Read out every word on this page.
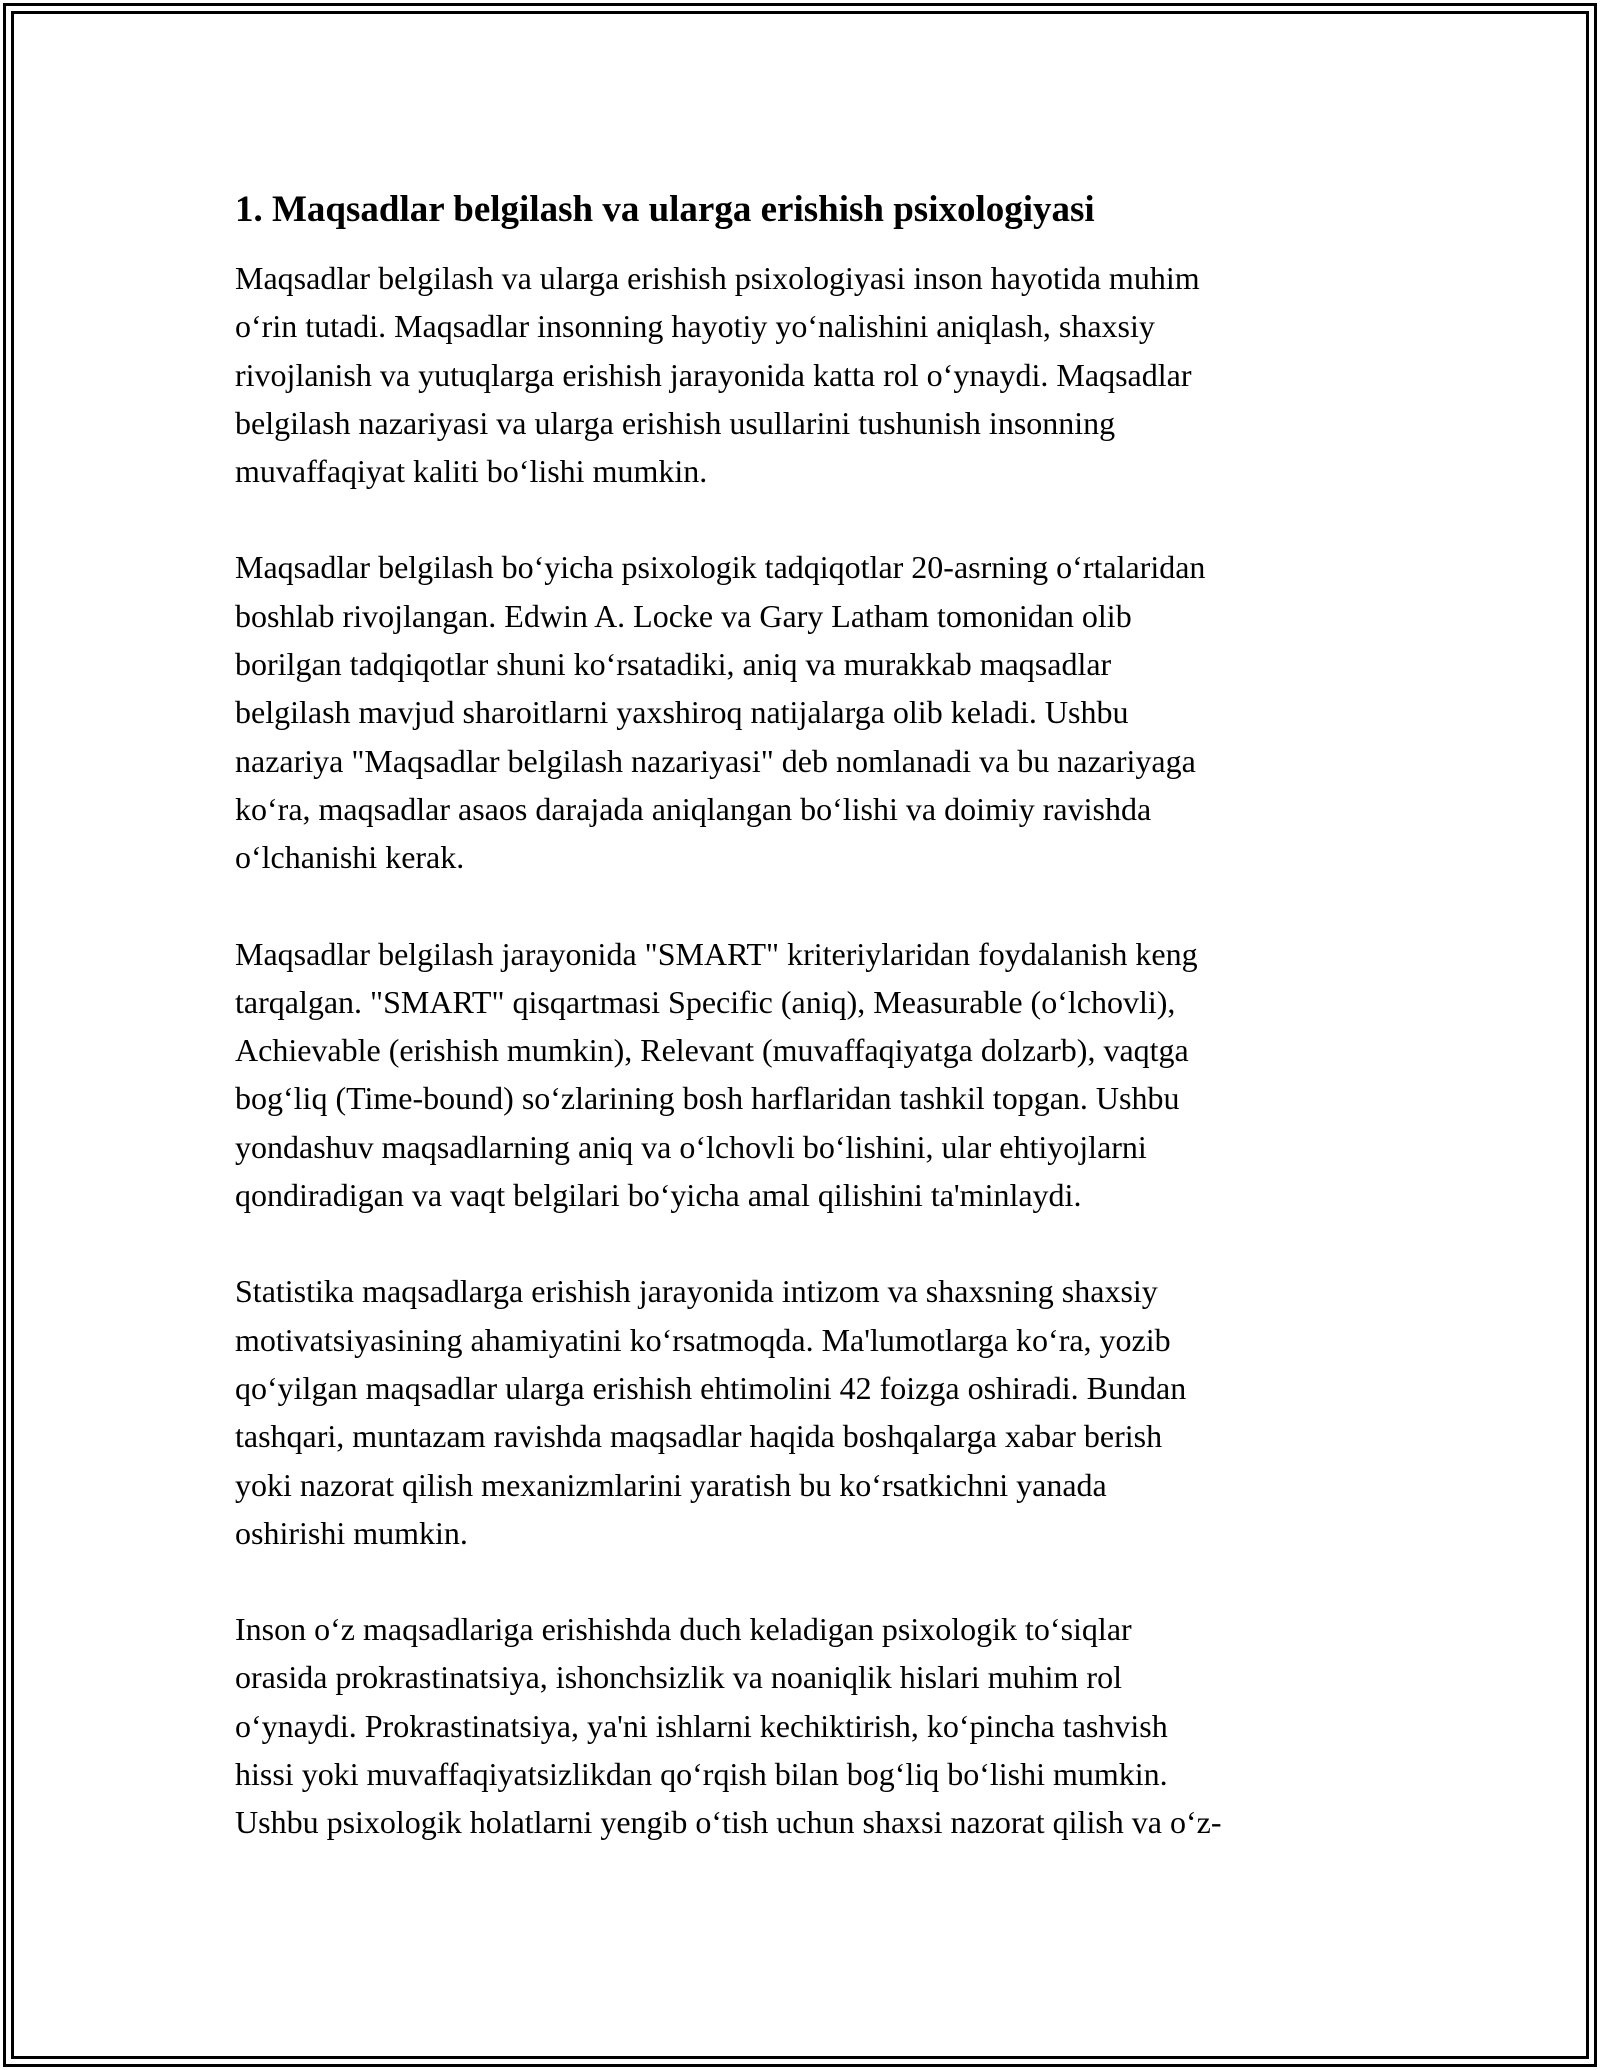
1. Maqsadlar belgilash va ularga erishish psixologiyasi
Maqsadlar belgilash va ularga erishish psixologiyasi inson hayotida muhim
o‘rin tutadi. Maqsadlar insonning hayotiy yo‘nalishini aniqlash, shaxsiy
rivojlanish va yutuqlarga erishish jarayonida katta rol o‘ynaydi. Maqsadlar
belgilash nazariyasi va ularga erishish usullarini tushunish insonning
muvaffaqiyat kaliti bo‘lishi mumkin.
Maqsadlar belgilash bo‘yicha psixologik tadqiqotlar 20-asrning o‘rtalaridan
boshlab rivojlangan. Edwin A. Locke va Gary Latham tomonidan olib
borilgan tadqiqotlar shuni ko‘rsatadiki, aniq va murakkab maqsadlar
belgilash mavjud sharoitlarni yaxshiroq natijalarga olib keladi. Ushbu
nazariya "Maqsadlar belgilash nazariyasi" deb nomlanadi va bu nazariyaga
ko‘ra, maqsadlar asaos darajada aniqlangan bo‘lishi va doimiy ravishda
o‘lchanishi kerak.
Maqsadlar belgilash jarayonida "SMART" kriteriylaridan foydalanish keng
tarqalgan. "SMART" qisqartmasi Specific (aniq), Measurable (o‘lchovli),
Achievable (erishish mumkin), Relevant (muvaffaqiyatga dolzarb), vaqtga
bog‘liq (Time-bound) so‘zlarining bosh harflaridan tashkil topgan. Ushbu
yondashuv maqsadlarning aniq va o‘lchovli bo‘lishini, ular ehtiyojlarni
qondiradigan va vaqt belgilari bo‘yicha amal qilishini ta'minlaydi.
Statistika maqsadlarga erishish jarayonida intizom va shaxsning shaxsiy
motivatsiyasining ahamiyatini ko‘rsatmoqda. Ma'lumotlarga ko‘ra, yozib
qo‘yilgan maqsadlar ularga erishish ehtimolini 42 foizga oshiradi. Bundan
tashqari, muntazam ravishda maqsadlar haqida boshqalarga xabar berish
yoki nazorat qilish mexanizmlarini yaratish bu ko‘rsatkichni yanada
oshirishi mumkin.
Inson o‘z maqsadlariga erishishda duch keladigan psixologik to‘siqlar
orasida prokrastinatsiya, ishonchsizlik va noaniqlik hislari muhim rol
o‘ynaydi. Prokrastinatsiya, ya'ni ishlarni kechiktirish, ko‘pincha tashvish
hissi yoki muvaffaqiyatsizlikdan qo‘rqish bilan bog‘liq bo‘lishi mumkin.
Ushbu psixologik holatlarni yengib o‘tish uchun shaxsi nazorat qilish va o‘z-
